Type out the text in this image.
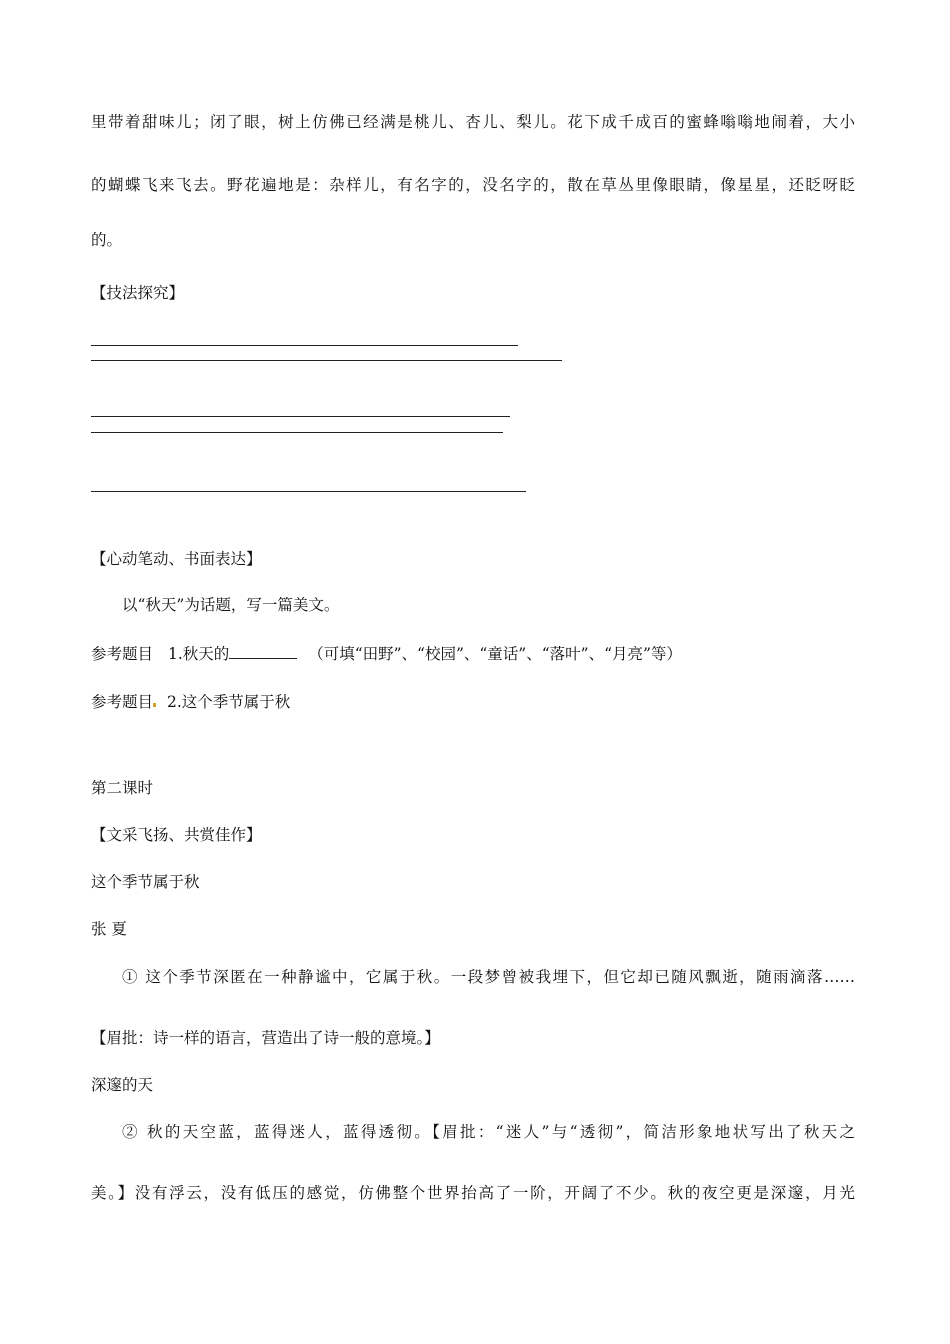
里带着甜味儿；闭了眼，树上仿佛已经满是桃儿、杏儿、梨儿。花下成千成百的蜜蜂嗡嗡地闹着，大小
的蝴蝶飞来飞去。野花遍地是：杂样儿，有名字的，没名字的，散在草丛里像眼睛，像星星，还眨呀眨
的。
【技法探究】
【心动笔动、书面表达】
以“秋天”为话题，写一篇美文。
参考题目 1.秋天的	（可填“田野”、“校园”、“童话”、“落叶”、“月亮”等）
参考题目 2.这个季节属于秋
第二课时
【文采飞扬、共赏佳作】
这个季节属于秋
张 夏
① 这个季节深匿在一种静谧中，它属于秋。一段梦曾被我埋下，但它却已随风飘逝，随雨滴落……
【眉批：诗一样的语言，营造出了诗一般的意境。】
深邃的天
② 秋的天空蓝，蓝得迷人，蓝得透彻。【眉批：“迷人”与“透彻”，简洁形象地状写出了秋天之
美。】没有浮云，没有低压的感觉，仿佛整个世界抬高了一阶，开阔了不少。秋的夜空更是深邃，月光
